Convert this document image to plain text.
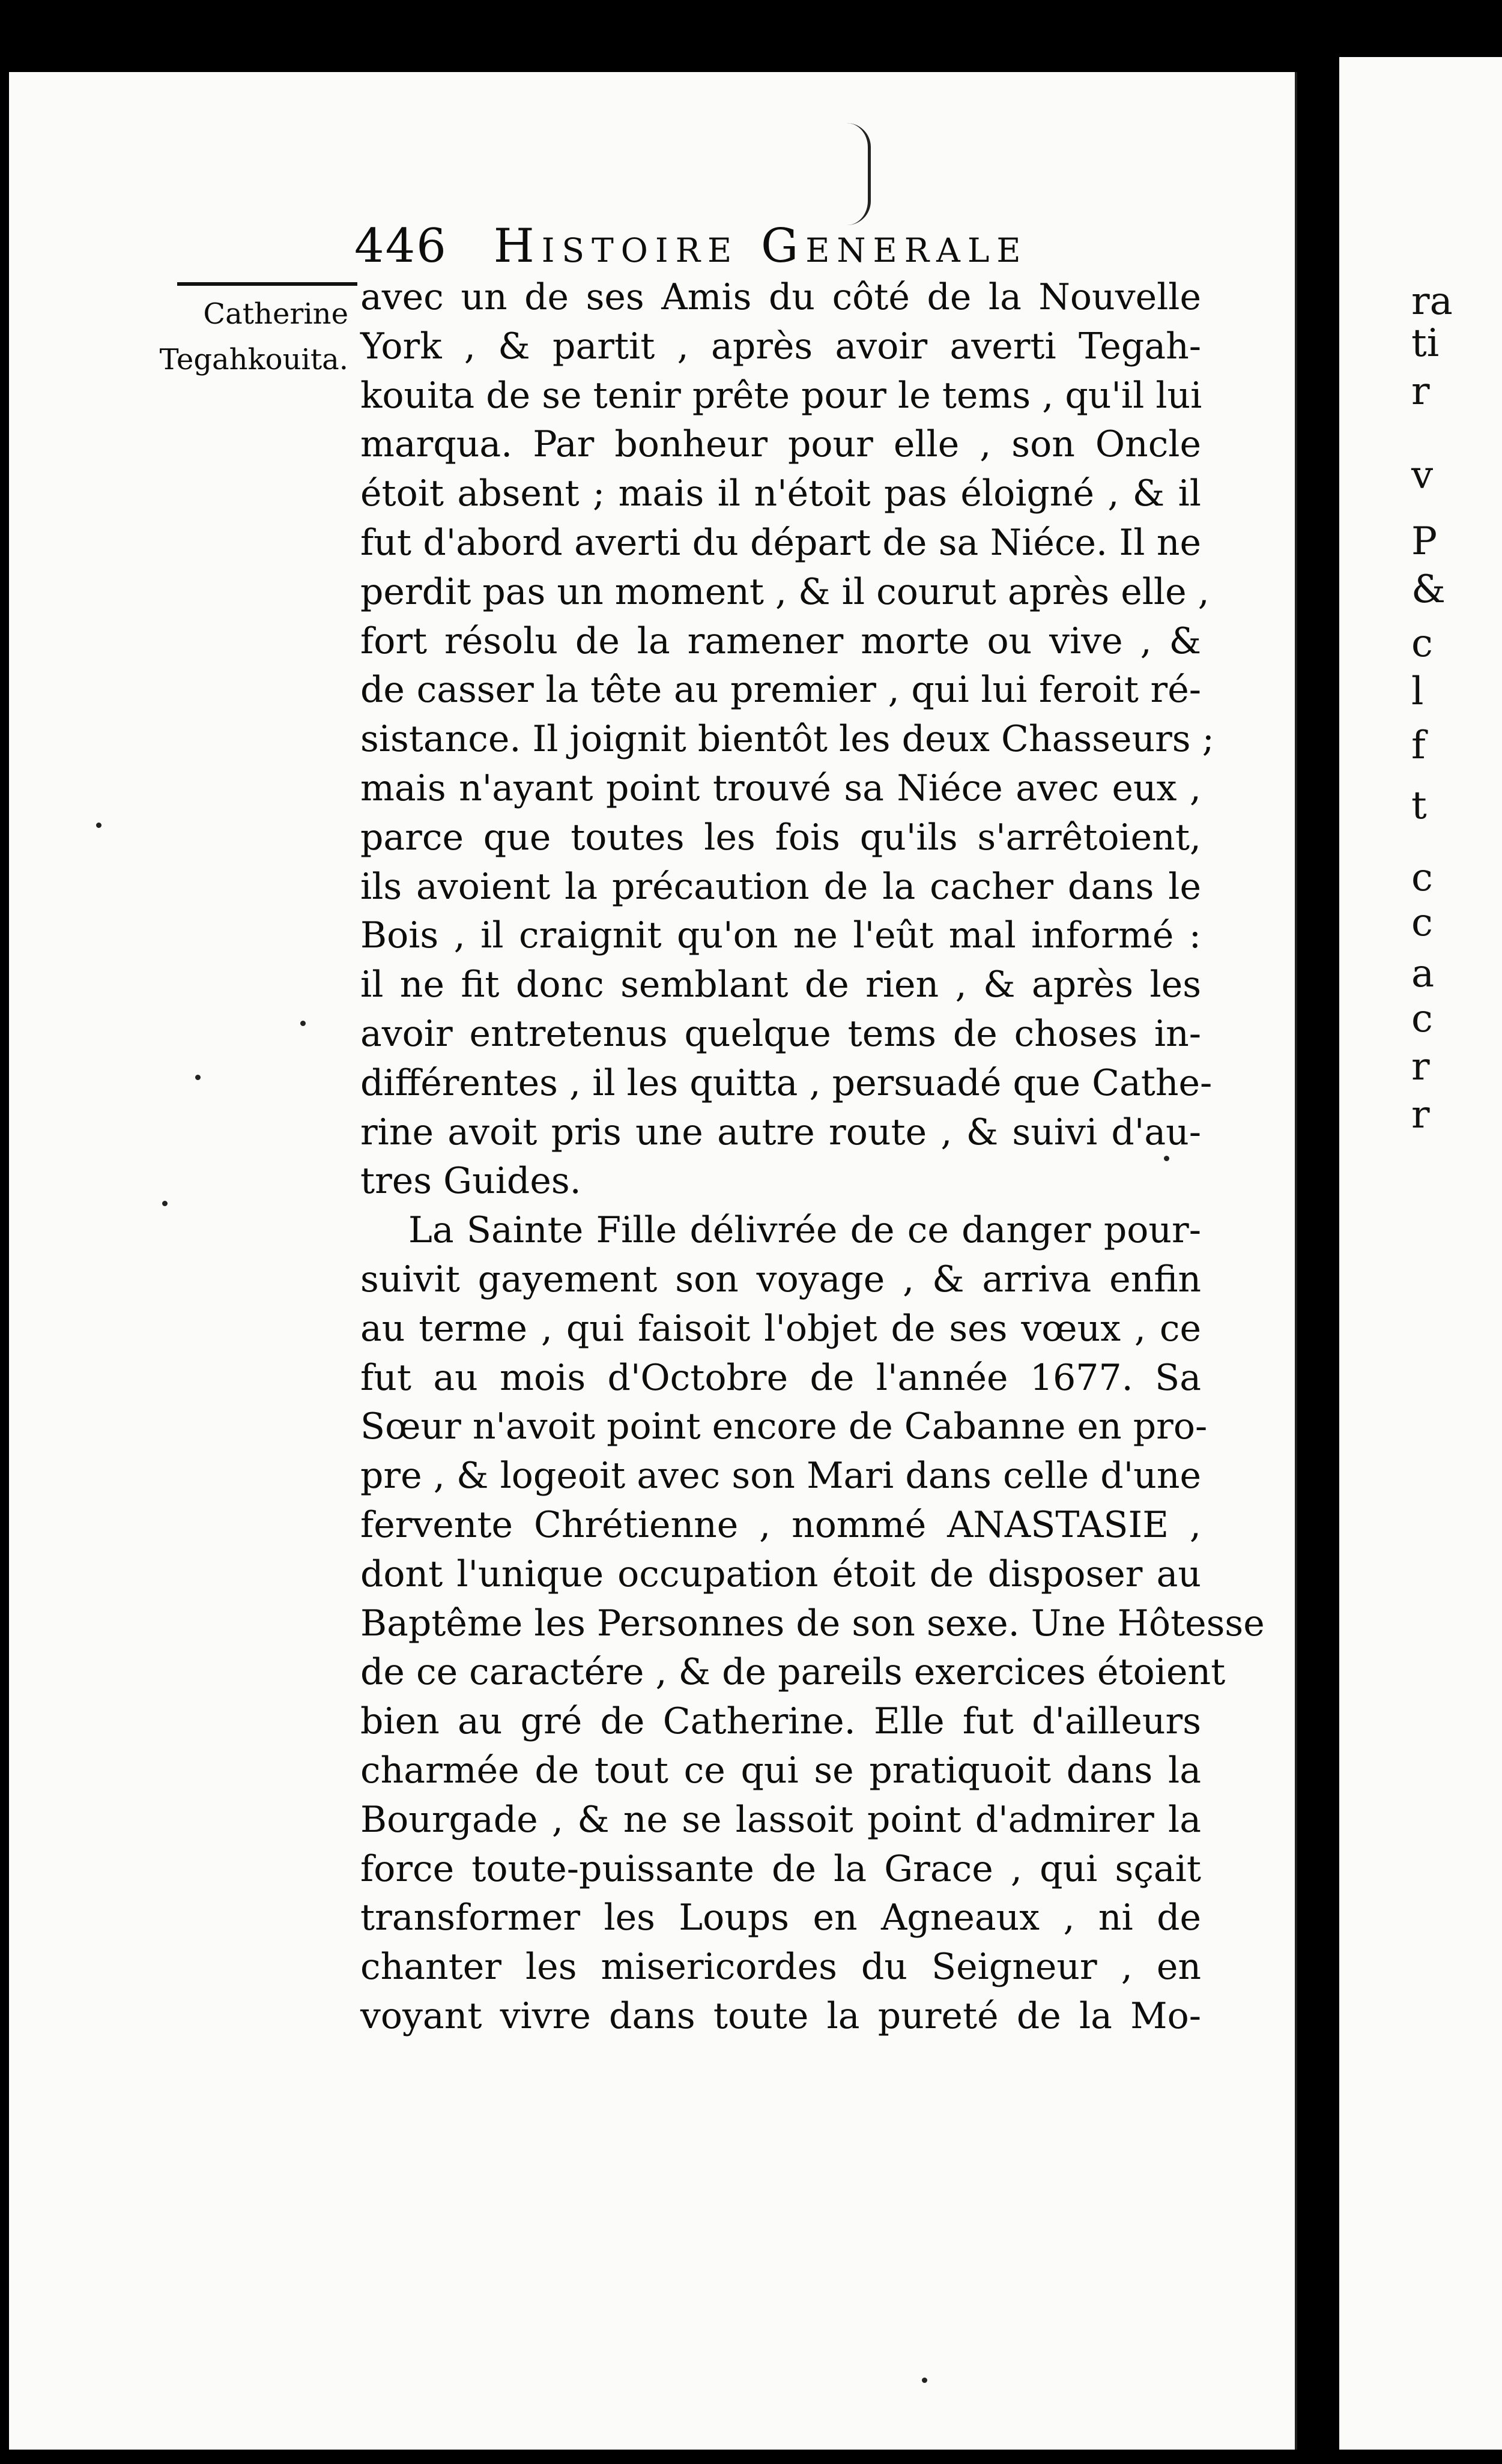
ra
ti
r
v
P
&
c
l
f
t
c
c
a
c
r
r
446 Histoire Generale
Catherine
Tegahkouita.
avec un de ses Amis du côté de la Nouvelle
York , & partit , après avoir averti Tegah-
kouita de se tenir prête pour le tems , qu'il lui
marqua. Par bonheur pour elle , son Oncle
étoit absent ; mais il n'étoit pas éloigné , & il
fut d'abord averti du départ de sa Niéce. Il ne
perdit pas un moment , & il courut après elle ,
fort résolu de la ramener morte ou vive , &
de casser la tête au premier , qui lui feroit ré-
sistance. Il joignit bientôt les deux Chasseurs ;
mais n'ayant point trouvé sa Niéce avec eux ,
parce que toutes les fois qu'ils s'arrêtoient,
ils avoient la précaution de la cacher dans le
Bois , il craignit qu'on ne l'eût mal informé :
il ne fit donc semblant de rien , & après les
avoir entretenus quelque tems de choses in-
différentes , il les quitta , persuadé que Cathe-
rine avoit pris une autre route , & suivi d'au-
tres Guides.
La Sainte Fille délivrée de ce danger pour-
suivit gayement son voyage , & arriva enfin
au terme , qui faisoit l'objet de ses vœux , ce
fut au mois d'Octobre de l'année 1677. Sa
Sœur n'avoit point encore de Cabanne en pro-
pre , & logeoit avec son Mari dans celle d'une
fervente Chrétienne , nommé ANASTASIE ,
dont l'unique occupation étoit de disposer au
Baptême les Personnes de son sexe. Une Hôtesse
de ce caractére , & de pareils exercices étoient
bien au gré de Catherine. Elle fut d'ailleurs
charmée de tout ce qui se pratiquoit dans la
Bourgade , & ne se lassoit point d'admirer la
force toute-puissante de la Grace , qui sçait
transformer les Loups en Agneaux , ni de
chanter les misericordes du Seigneur , en
voyant vivre dans toute la pureté de la Mo-
